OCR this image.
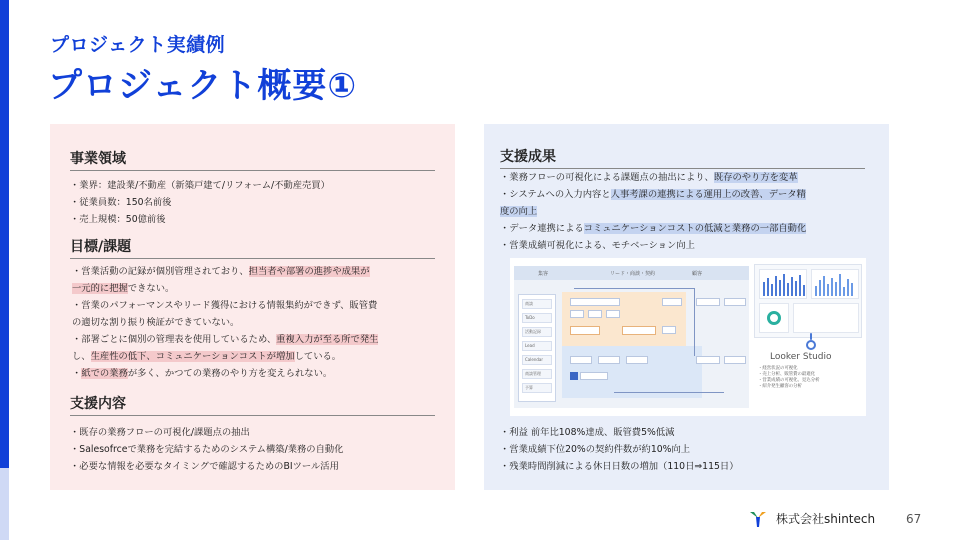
プロジェクト実績例
プロジェクト概要①
事業領域
・業界：建設業/不動産（新築戸建て/リフォーム/不動産売買）
・従業員数：150名前後
・売上規模：50億前後
目標/課題
・営業活動の記録が個別管理されており、担当者や部署の進捗や成果が
一元的に把握できない。
・営業のパフォーマンスやリード獲得における情報集約ができず、販管費
の適切な割り振り検証ができていない。
・部署ごとに個別の管理表を使用しているため、重複入力が至る所で発生
し、生産性の低下、コミュニケーションコストが増加している。
・紙での業務が多く、かつての業務のやり方を変えられない。
支援内容
・既存の業務フローの可視化/課題点の抽出
・Salesofrceで業務を完結するためのシステム構築/業務の自動化
・必要な情報を必要なタイミングで確認するためのBIツール活用
支援成果
・業務フローの可視化による課題点の抽出により、既存のやり方を変革
・システムへの入力内容と人事考課の連携による運用上の改善、データ精
度の向上
・データ連携によるコミュニケーションコストの低減と業務の一部自動化
・営業成績可視化による、モチベーション向上
集客	リード・商談・契約	顧客
商談
ToDo
活動記録
Lead
Calendar
商談管理
予算
Looker Studio
・経営状況の可視化
・売上分析、販管費の最適化
・営業成績の可視化、見込分析
・紹介発生顧客の分析
・利益 前年比108%達成、販管費5%低減
・営業成績下位20%の契約件数が約10%向上
・残業時間削減による休日日数の増加（110日⇒115日）
株式会社shintech	67
